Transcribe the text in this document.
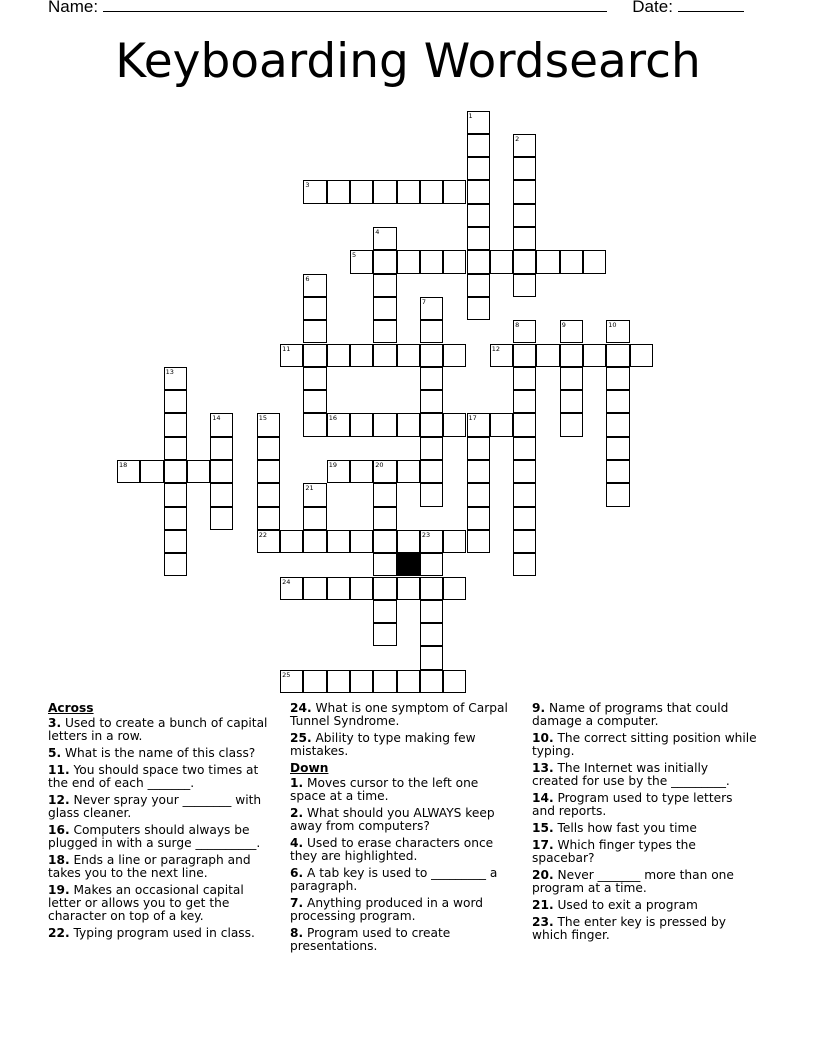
Name:	Date:
Keyboarding Wordsearch
1
2
3
4
5
6
7
8	9	10
11	12
13
14	15	16	17
18	19	20
21
22	23
24
25
Across
3. Used to create a bunch of capital letters in a row.
5. What is the name of this class?
11. You should space two times at the end of each _______.
12. Never spray your ________ with glass cleaner.
16. Computers should always be plugged in with a surge __________.
18. Ends a line or paragraph and takes you to the next line.
19. Makes an occasional capital letter or allows you to get the character on top of a key.
22. Typing program used in class.
24. What is one symptom of Carpal Tunnel Syndrome.
25. Ability to type making few mistakes.
Down
1. Moves cursor to the left one space at a time.
2. What should you ALWAYS keep away from computers?
4. Used to erase characters once they are highlighted.
6. A tab key is used to _________ a paragraph.
7. Anything produced in a word processing program.
8. Program used to create presentations.
9. Name of programs that could damage a computer.
10. The correct sitting position while typing.
13. The Internet was initially created for use by the _________.
14. Program used to type letters and reports.
15. Tells how fast you time
17. Which finger types the spacebar?
20. Never _______ more than one program at a time.
21. Used to exit a program
23. The enter key is pressed by which finger.
